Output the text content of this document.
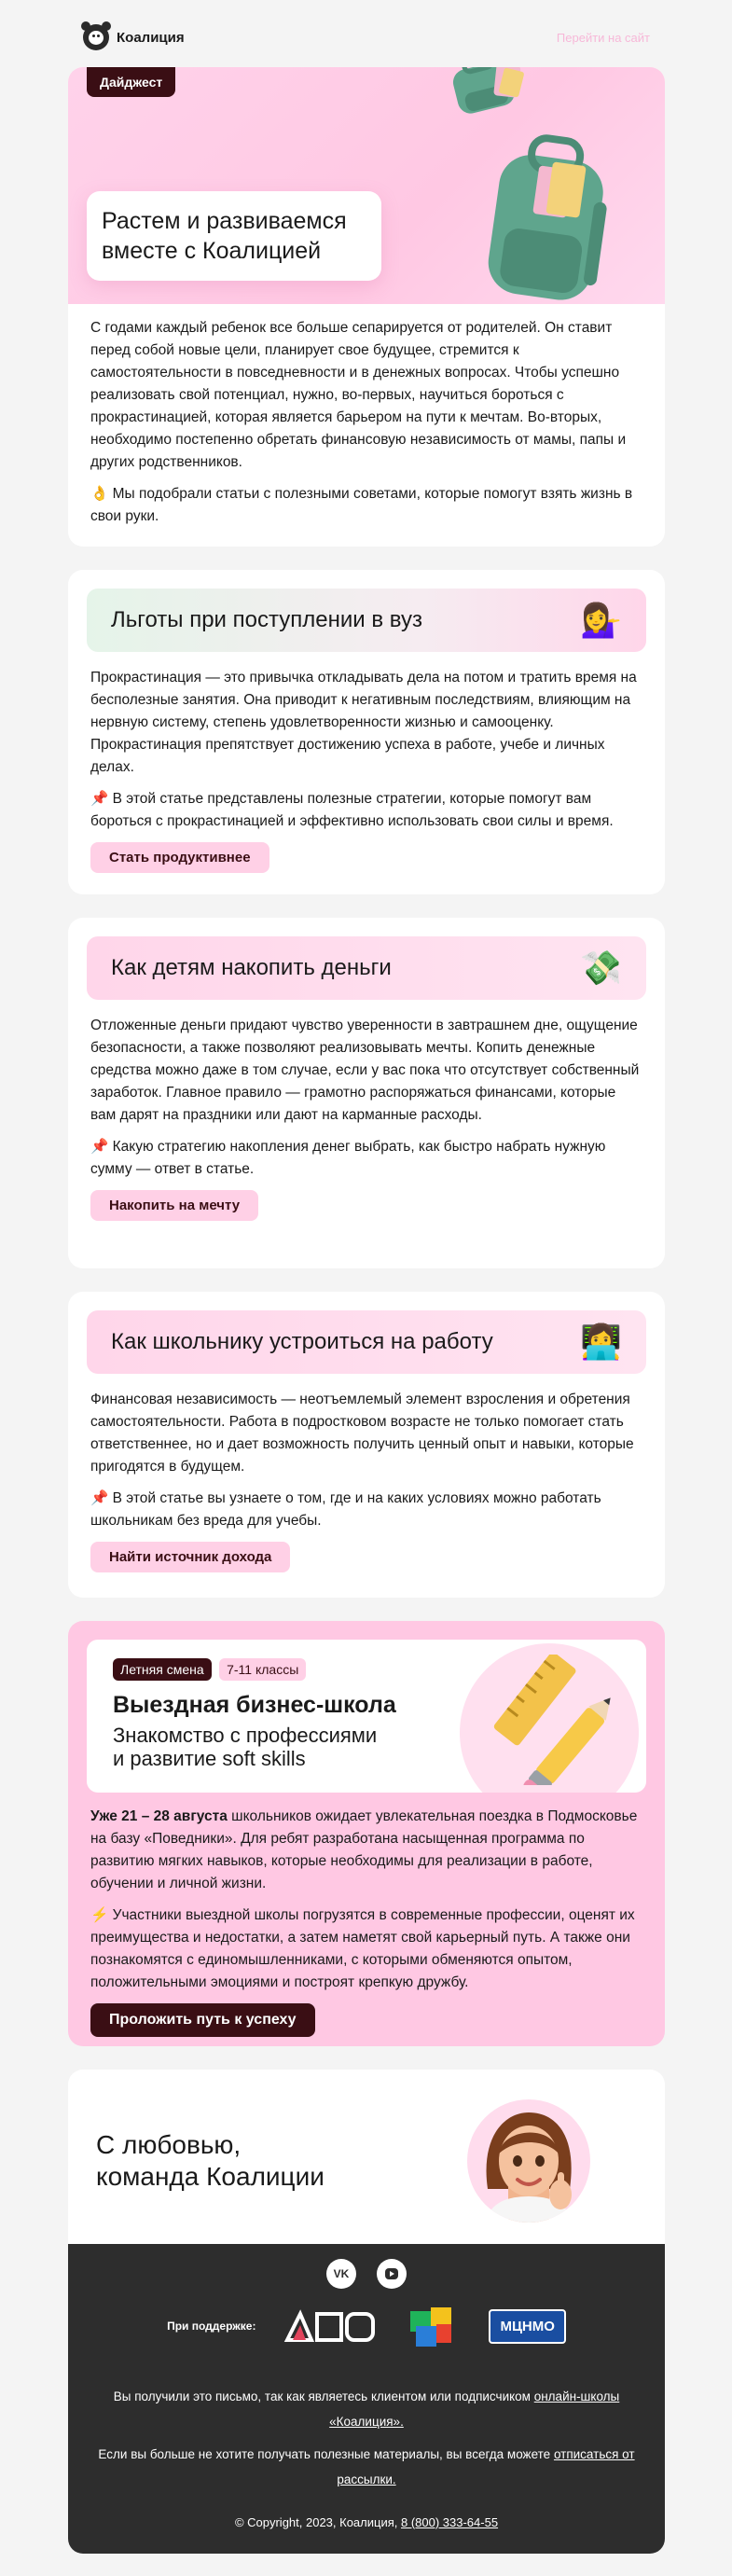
Коалиция	Перейти на сайт
Дайджест
Растем и развиваемся вместе с Коалицией

С годами каждый ребенок все больше сепарируется от родителей. Он ставит перед собой новые цели, планирует свое будущее, стремится к самостоятельности в повседневности и в денежных вопросах. Чтобы успешно реализовать свой потенциал, нужно, во-первых, научиться бороться с прокрастинацией, которая является барьером на пути к мечтам. Во-вторых, необходимо постепенно обретать финансовую независимость от мамы, папы и других родственников.

👌 Мы подобрали статьи с полезными советами, которые помогут взять жизнь в свои руки.

Льготы при поступлении в вуз	💁‍♀️

Прокрастинация — это привычка откладывать дела на потом и тратить время на бесполезные занятия. Она приводит к негативным последствиям, влияющим на нервную систему, степень удовлетворенности жизнью и самооценку. Прокрастинация препятствует достижению успеха в работе, учебе и личных делах.

📌 В этой статье представлены полезные стратегии, которые помогут вам бороться с прокрастинацией и эффективно использовать свои силы и время.

Стать продуктивнее
Как детям накопить деньги	💸

Отложенные деньги придают чувство уверенности в завтрашнем дне, ощущение безопасности, а также позволяют реализовывать мечты. Копить денежные средства можно даже в том случае, если у вас пока что отсутствует собственный заработок. Главное правило — грамотно распоряжаться финансами, которые вам дарят на праздники или дают на карманные расходы.

📌 Какую стратегию накопления денег выбрать, как быстро набрать нужную сумму — ответ в статье.

Накопить на мечту
Как школьнику устроиться на работу	👩‍💻

Финансовая независимость — неотъемлемый элемент взросления и обретения самостоятельности. Работа в подростковом возрасте не только помогает стать ответственнее, но и дает возможность получить ценный опыт и навыки, которые пригодятся в будущем.

📌 В этой статье вы узнаете о том, где и на каких условиях можно работать школьникам без вреда для учебы.

Найти источник дохода
Летняя смена 7-11 классы
Выездная бизнес-школа
Знакомство с профессиями
и развитие soft skills

Уже 21 – 28 августа школьников ожидает увлекательная поездка в Подмосковье на базу «Поведники». Для ребят разработана насыщенная программа по развитию мягких навыков, которые необходимы для реализации в работе, обучении и личной жизни.

⚡ Участники выездной школы погрузятся в современные профессии, оценят их преимущества и недостатки, а затем наметят свой карьерный путь. А также они познакомятся с единомышленниками, с которыми обменяются опытом, положительными эмоциями и построят крепкую дружбу.

Проложить путь к успеху
С любовью,
команда Коалиции
VK
При поддержке:	МЦНМО

Вы получили это письмо, так как являетесь клиентом или подписчиком онлайн-школы «Коалиция».

Если вы больше не хотите получать полезные материалы, вы всегда можете отписаться от рассылки.

© Copyright, 2023, Коалиция, 8 (800) 333-64-55
